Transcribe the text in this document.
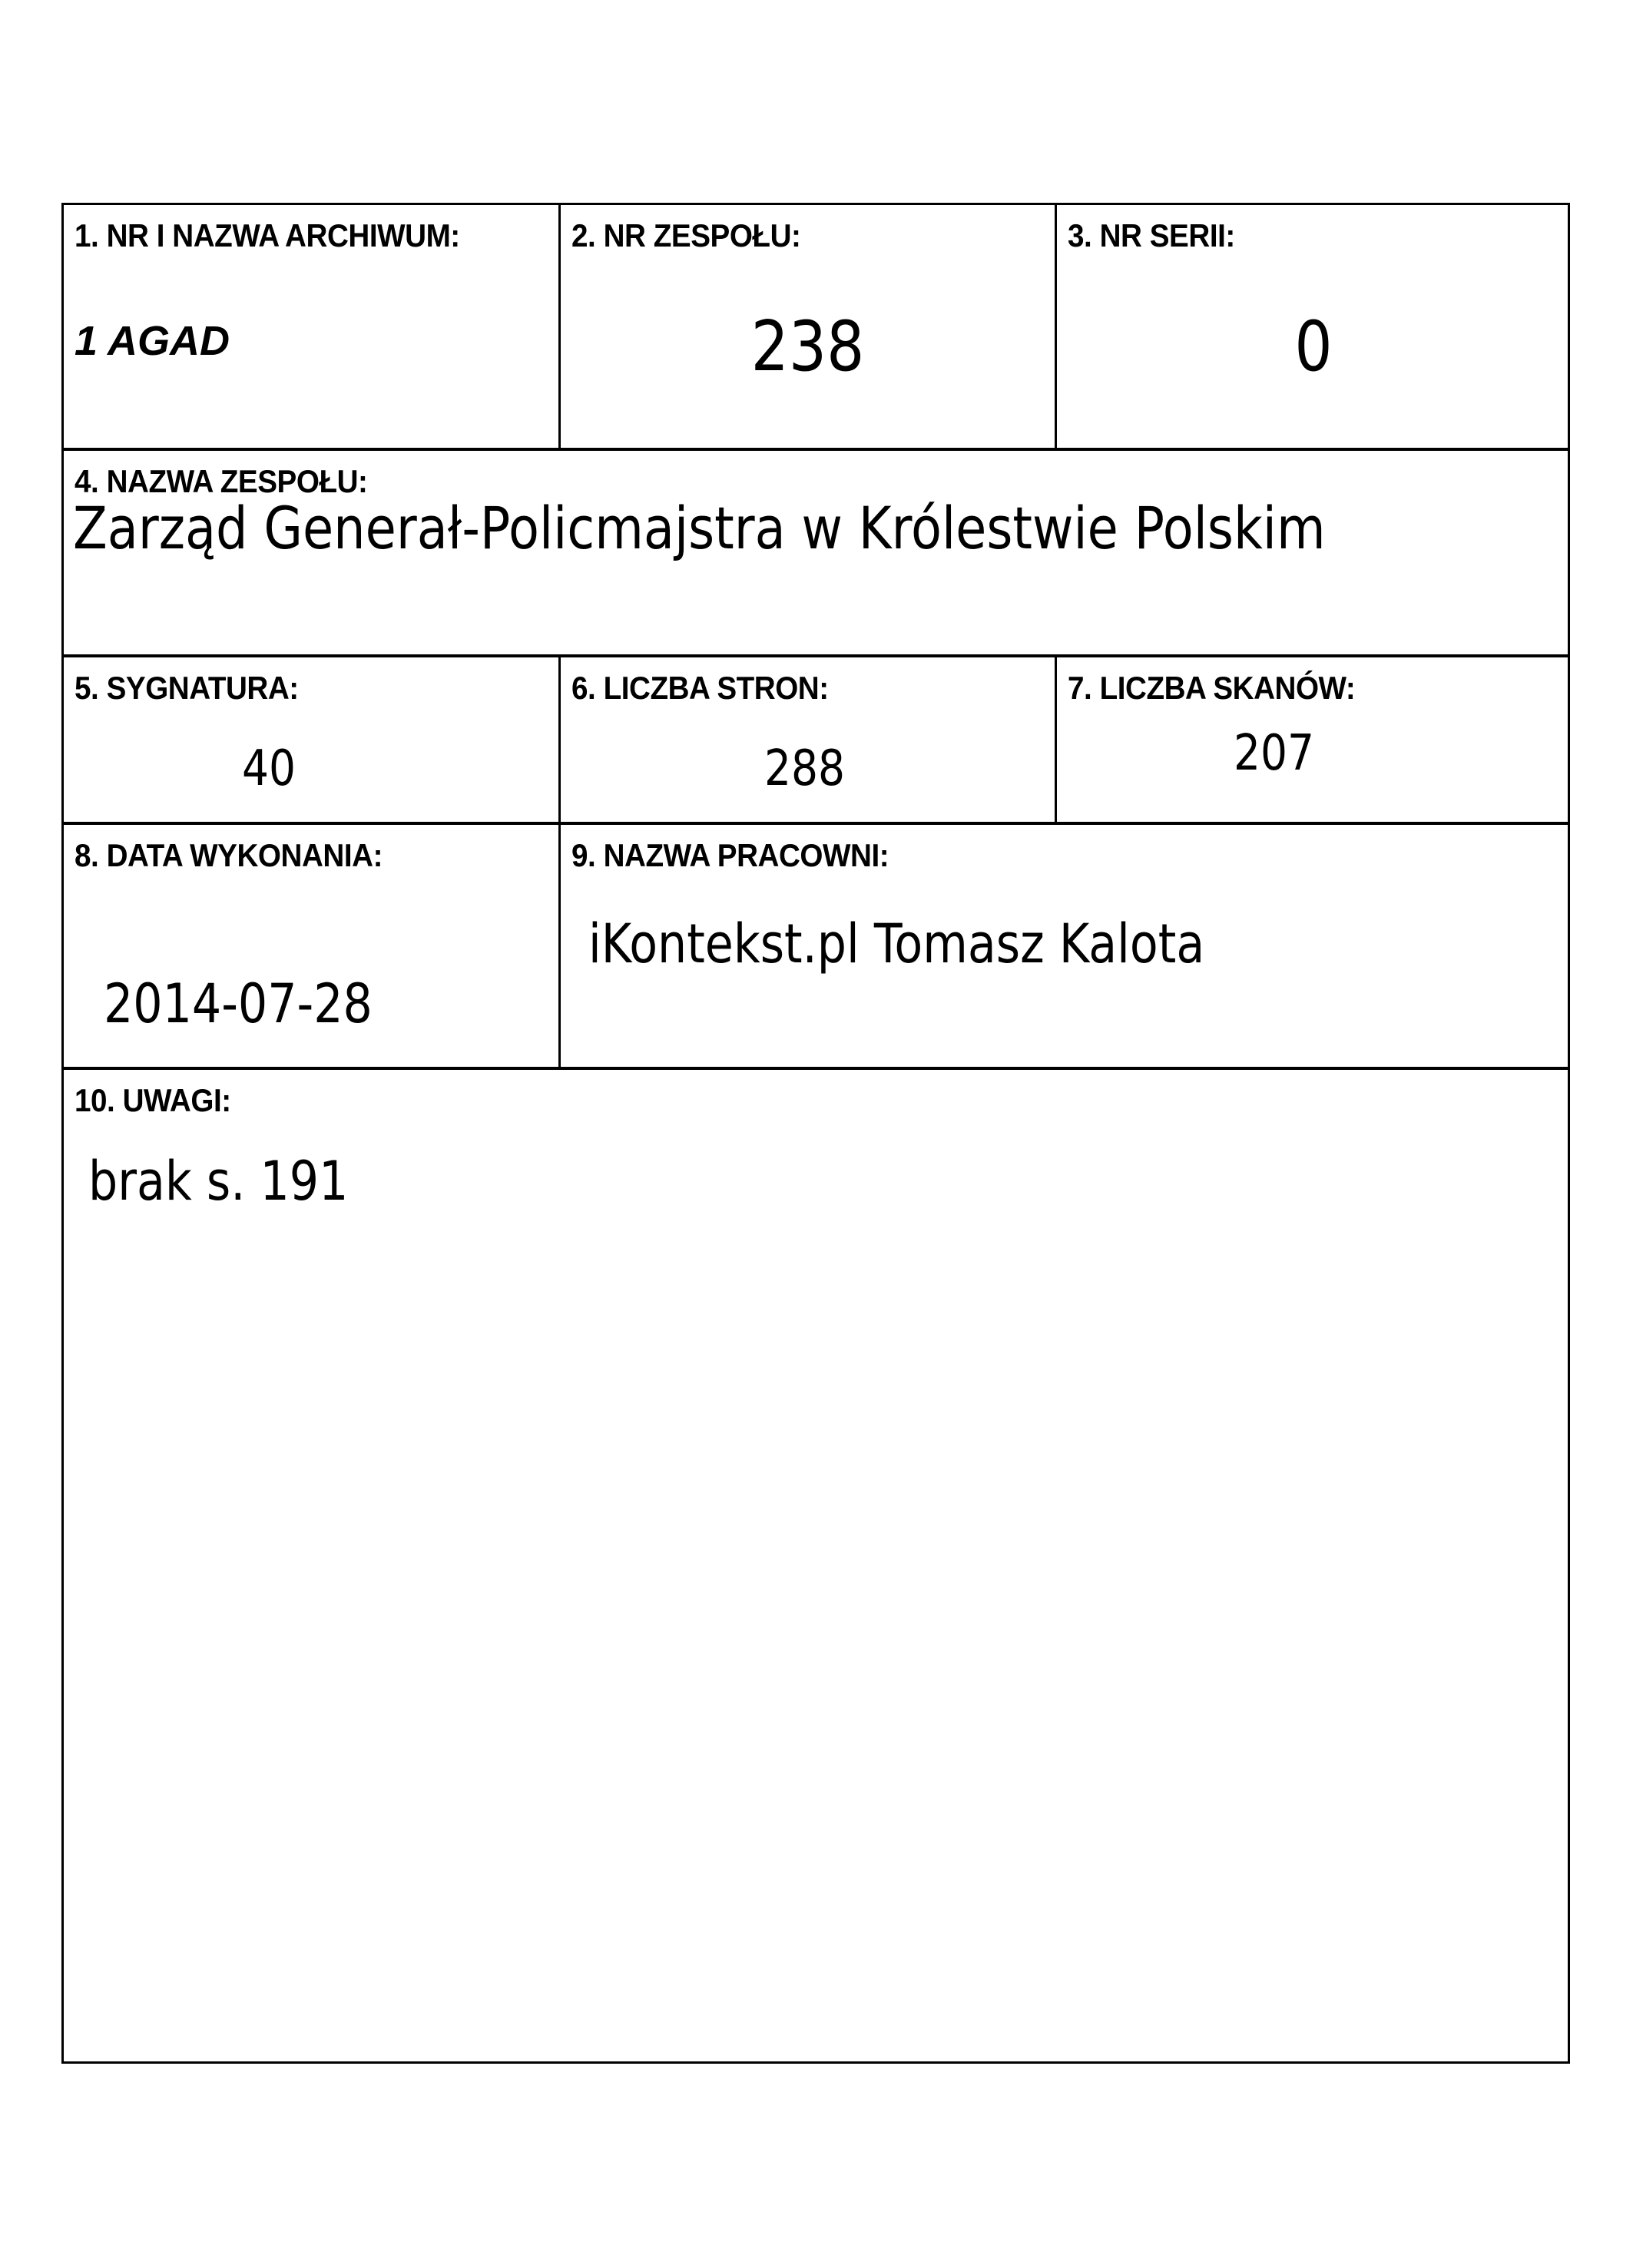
1. NR I NAZWA ARCHIWUM:
1 AGAD
2. NR ZESPOŁU:
238
3. NR SERII:
0
4. NAZWA ZESPOŁU:
Zarząd Generał-Policmajstra w Królestwie Polskim
5. SYGNATURA:
40
6. LICZBA STRON:
288
7. LICZBA SKANÓW:
207
8. DATA WYKONANIA:
2014-07-28
9. NAZWA PRACOWNI:
iKontekst.pl Tomasz Kalota
10. UWAGI:
brak s. 191
